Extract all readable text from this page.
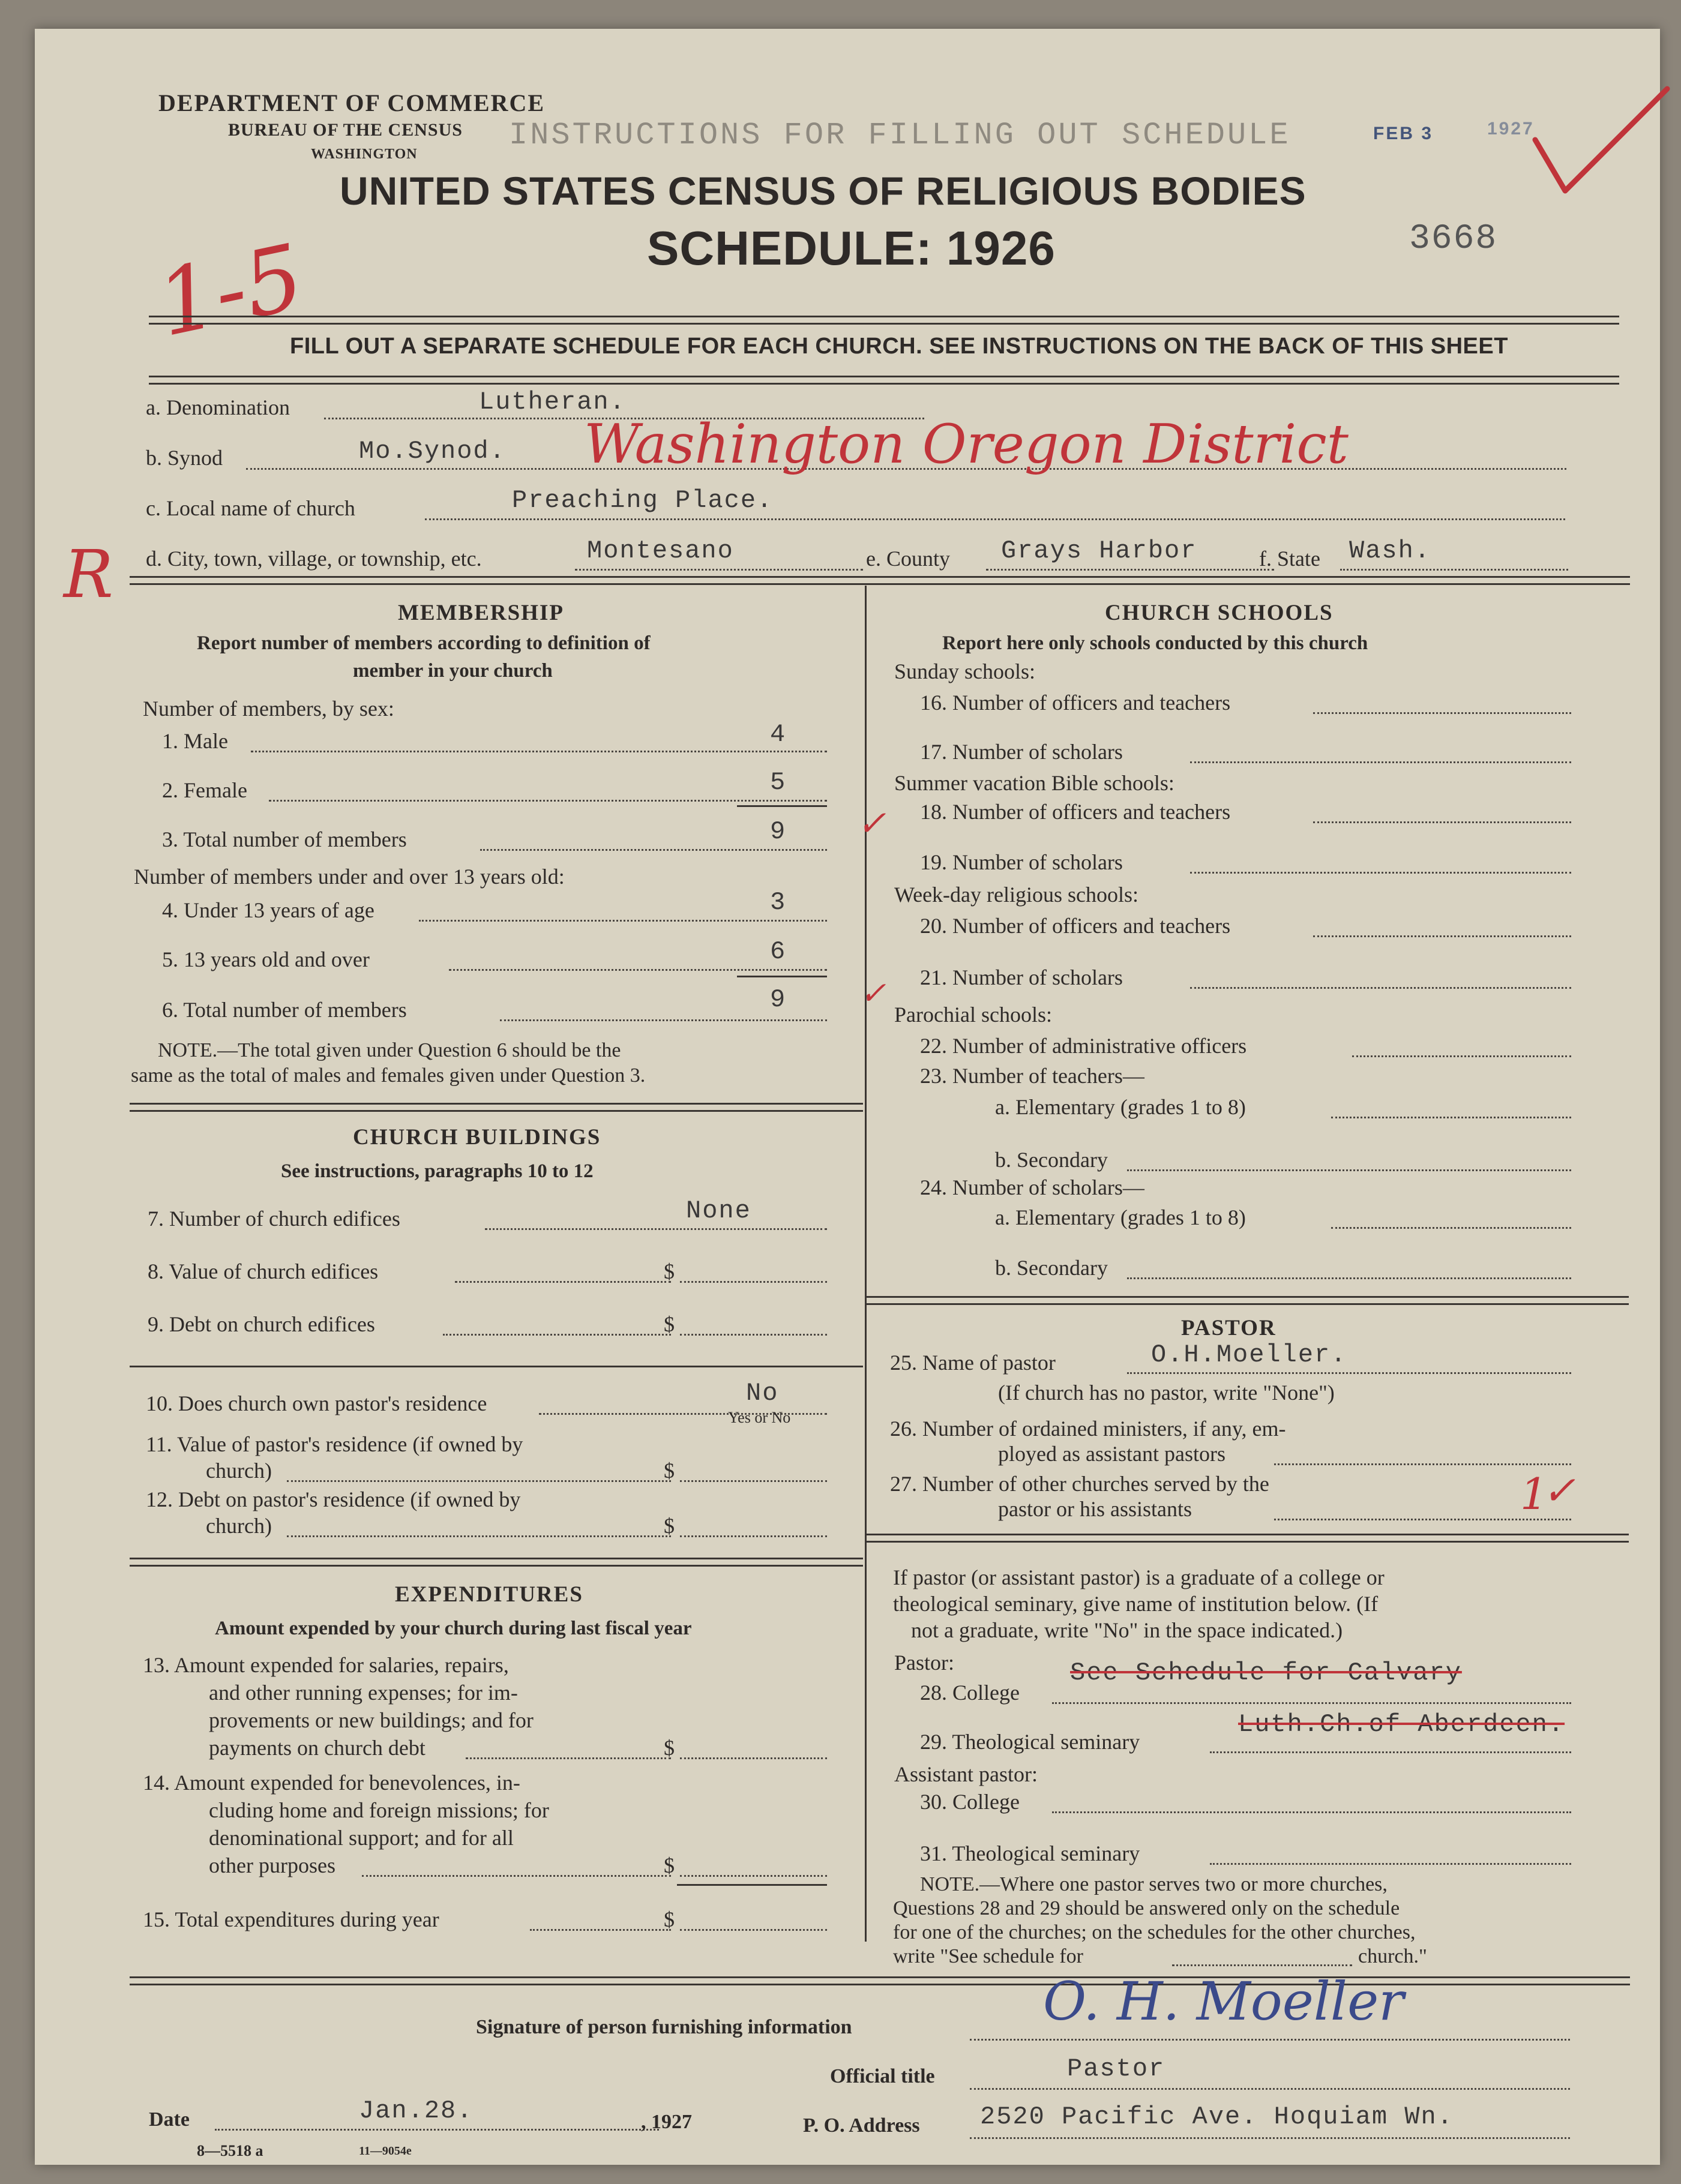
INSTRUCTIONS FOR FILLING OUT SCHEDULE
DEPARTMENT OF COMMERCE
BUREAU OF THE CENSUS
WASHINGTON
FEB 3	1927
UNITED STATES CENSUS OF RELIGIOUS BODIES
SCHEDULE: 1926	3668
1-5
FILL OUT A SEPARATE SCHEDULE FOR EACH CHURCH. SEE INSTRUCTIONS ON THE BACK OF THIS SHEET
a. Denomination	Lutheran.
b. Synod	Mo.Synod. Washington Oregon District
c. Local name of church	Preaching Place.
R d. City, town, village, or township, etc.	Montesano	e. County Grays Harbor	f. State Wash.
MEMBERSHIP
Report number of members according to definition of
member in your church
Number of members, by sex:
1. Male	4
2. Female	5
3. Total number of members	9 ✓
Number of members under and over 13 years old:
4. Under 13 years of age	3
5. 13 years old and over	6
6. Total number of members	9 ✓
NOTE.—The total given under Question 6 should be the
same as the total of males and females given under Question 3.
CHURCH BUILDINGS
See instructions, paragraphs 10 to 12
7. Number of church edifices	None
8. Value of church edifices	$
9. Debt on church edifices	$
10. Does church own pastor's residence	No
Yes or No
11. Value of pastor's residence (if owned by
church)	$
12. Debt on pastor's residence (if owned by
church)	$
EXPENDITURES
Amount expended by your church during last fiscal year
13. Amount expended for salaries, repairs,
and other running expenses; for im-
provements or new buildings; and for
payments on church debt	$
14. Amount expended for benevolences, in-
cluding home and foreign missions; for
denominational support; and for all
other purposes	$
15. Total expenditures during year	$
CHURCH SCHOOLS
Report here only schools conducted by this church
Sunday schools:
16. Number of officers and teachers
17. Number of scholars
Summer vacation Bible schools:
18. Number of officers and teachers
19. Number of scholars
Week-day religious schools:
20. Number of officers and teachers
21. Number of scholars
Parochial schools:
22. Number of administrative officers
23. Number of teachers—
a. Elementary (grades 1 to 8)
b. Secondary
24. Number of scholars—
a. Elementary (grades 1 to 8)
b. Secondary
PASTOR
25. Name of pastor	O.H.Moeller.
(If church has no pastor, write "None")
26. Number of ordained ministers, if any, em-
ployed as assistant pastors
27. Number of other churches served by the
pastor or his assistants	1
✓
If pastor (or assistant pastor) is a graduate of a college or
theological seminary, give name of institution below. (If
not a graduate, write "No" in the space indicated.)
Pastor:
28. College
See Schedule for Calvary
29. Theological seminary
Luth.Ch.of Aberdeen.
Assistant pastor:
30. College
31. Theological seminary
NOTE.—Where one pastor serves two or more churches,
Questions 28 and 29 should be answered only on the schedule
for one of the churches; on the schedules for the other churches,
write "See schedule for	church."
Signature of person furnishing information	O. H. Moeller
Official title	Pastor
Date	Jan.28.	, 1927	P. O. Address 2520 Pacific Ave. Hoquiam Wn.
8—5518 a	11—9054e
